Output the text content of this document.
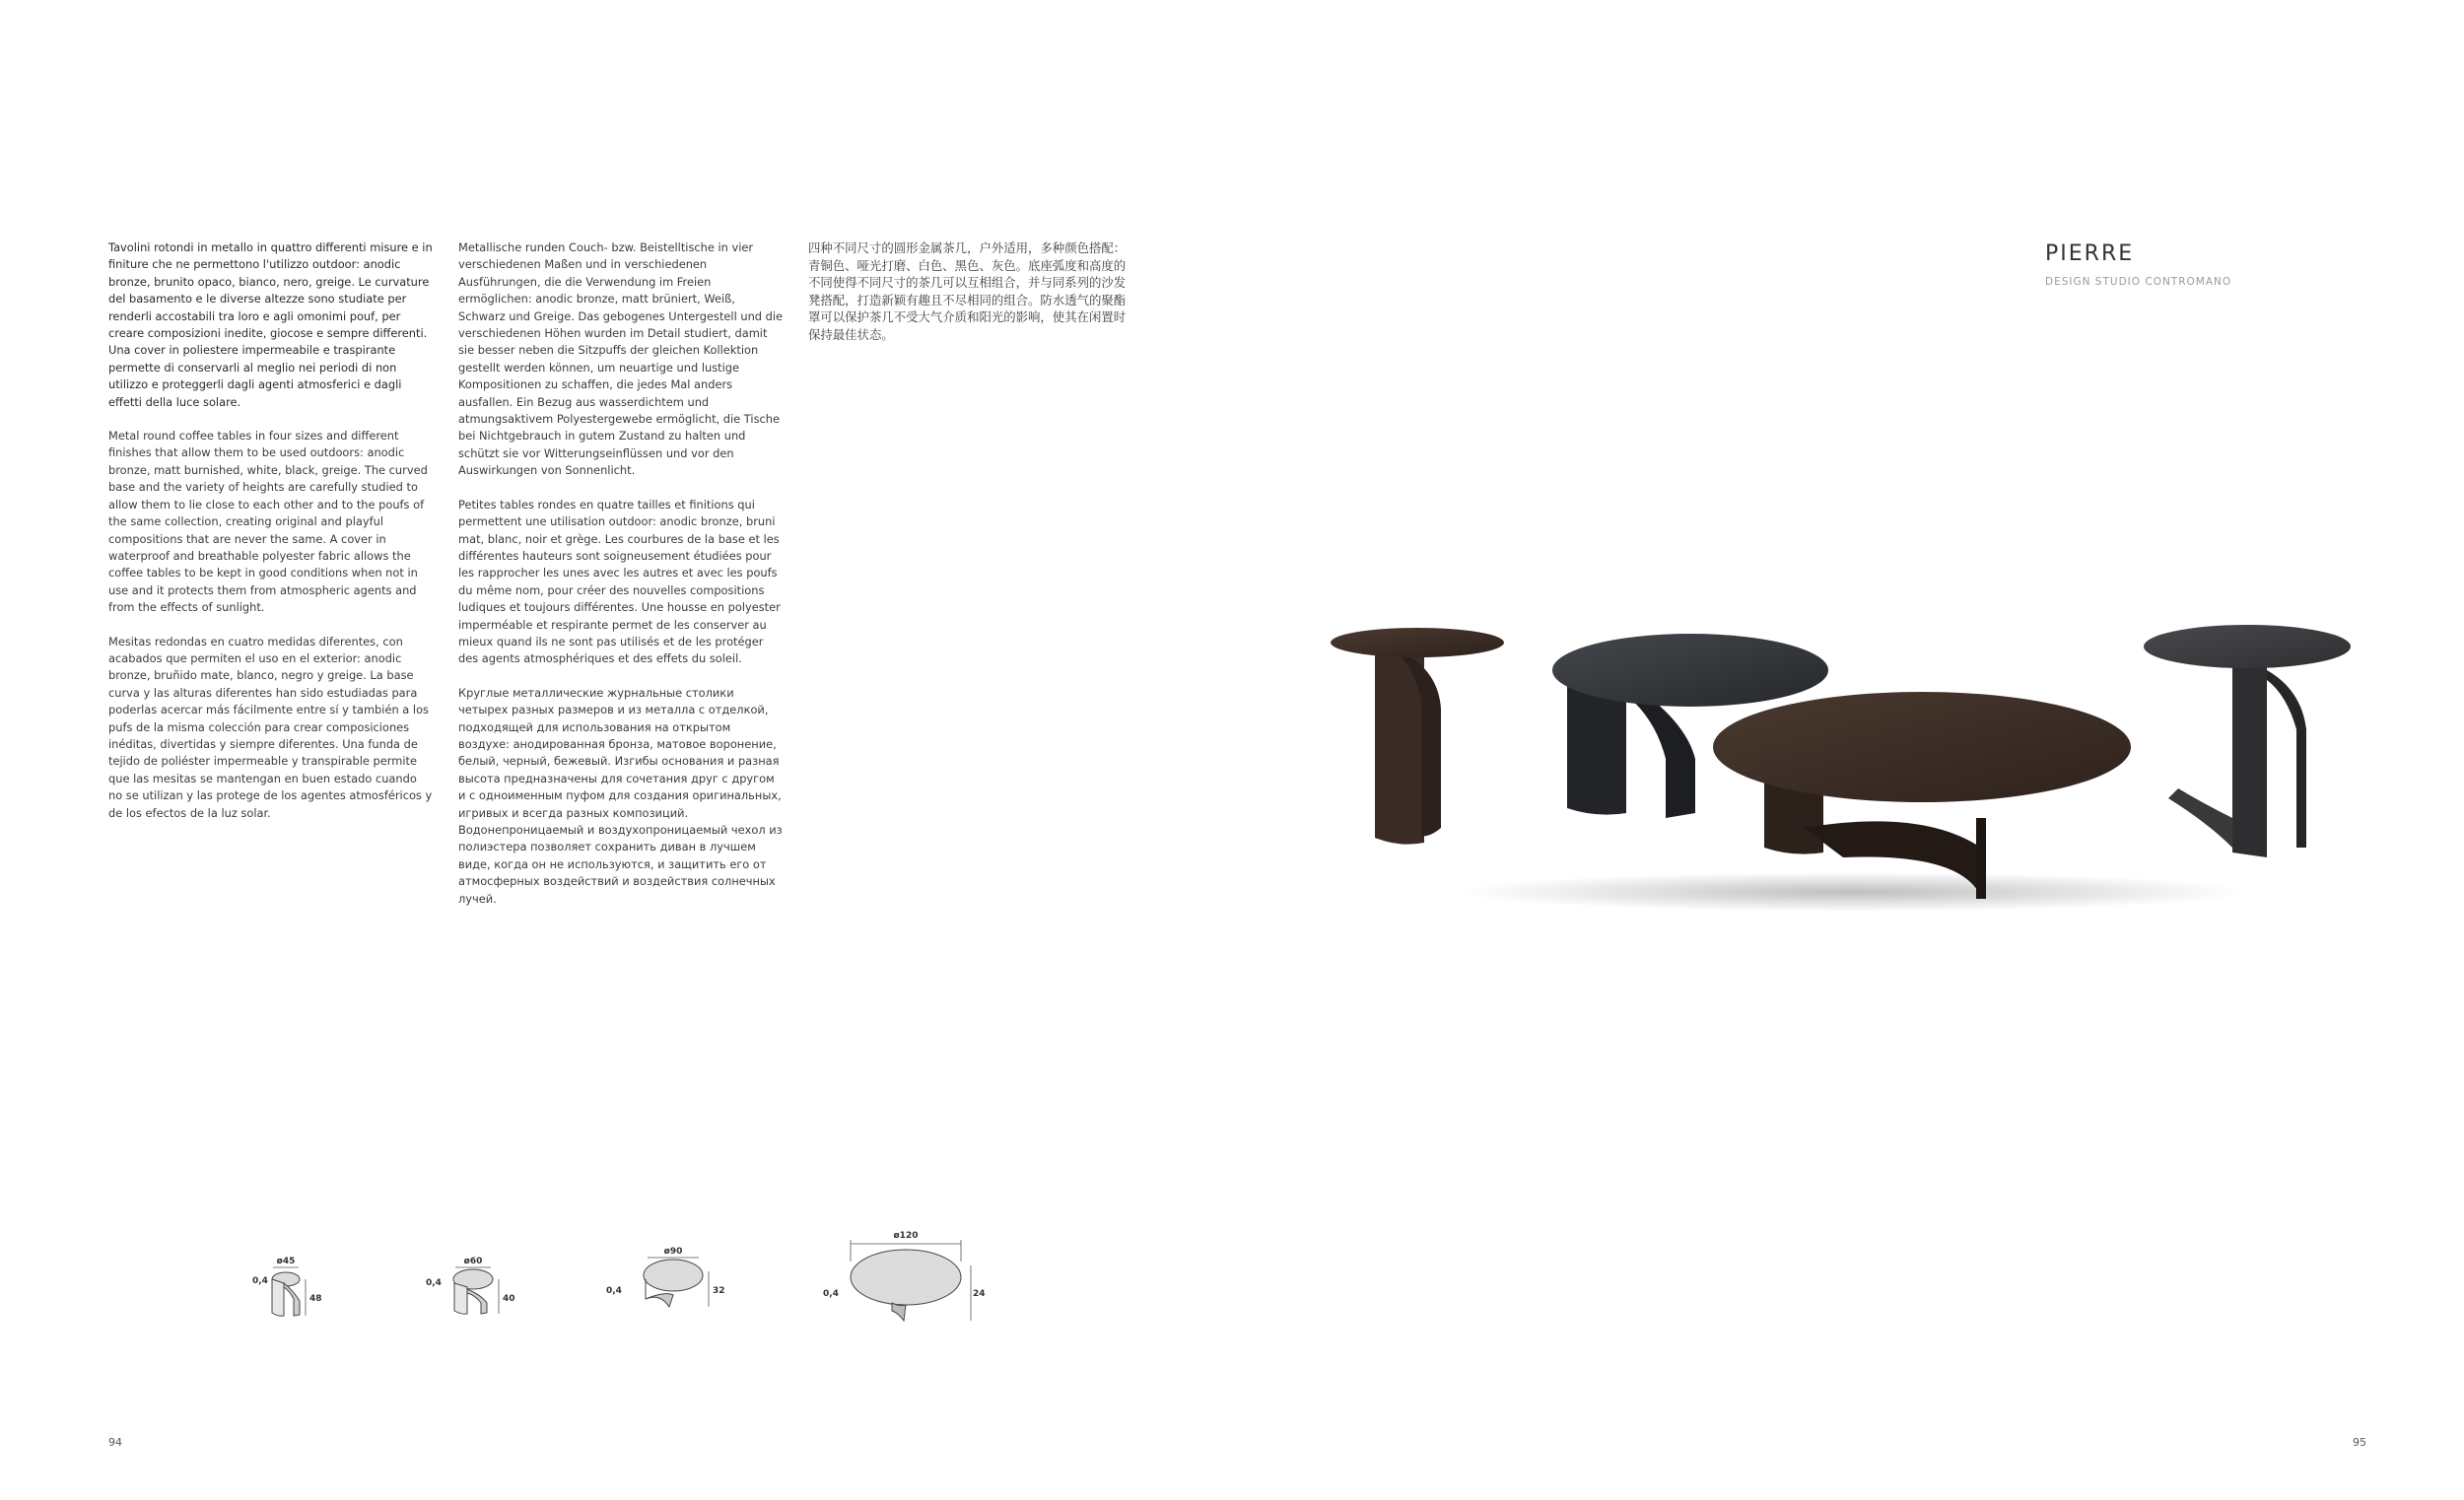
Tavolini rotondi in metallo in quattro differenti misure e in finiture che ne permettono l'utilizzo outdoor: anodic bronze, brunito opaco, bianco, nero, greige. Le curvature del basamento e le diverse altezze sono studiate per renderli accostabili tra loro e agli omonimi pouf, per creare composizioni inedite, giocose e sempre differenti. Una cover in poliestere impermeabile e traspirante permette di conservarli al meglio nei periodi di non utilizzo e proteggerli dagli agenti atmosferici e dagli effetti della luce solare.

Metal round coffee tables in four sizes and different finishes that allow them to be used outdoors: anodic bronze, matt burnished, white, black, greige. The curved base and the variety of heights are carefully studied to allow them to lie close to each other and to the poufs of the same collection, creating original and playful compositions that are never the same. A cover in waterproof and breathable polyester fabric allows the coffee tables to be kept in good conditions when not in use and it protects them from atmospheric agents and from the effects of sunlight.

Mesitas redondas en cuatro medidas diferentes, con acabados que permiten el uso en el exterior: anodic bronze, bruñido mate, blanco, negro y greige. La base curva y las alturas diferentes han sido estudiadas para poderlas acercar más fácilmente entre sí y también a los pufs de la misma colección para crear composiciones inéditas, divertidas y siempre diferentes. Una funda de tejido de poliéster impermeable y transpirable permite que las mesitas se mantengan en buen estado cuando no se utilizan y las protege de los agentes atmosféricos y de los efectos de la luz solar.

Metallische runden Couch- bzw. Beistelltische in vier verschiedenen Maßen und in verschiedenen Ausführungen, die die Verwendung im Freien ermöglichen: anodic bronze, matt brüniert, Weiß, Schwarz und Greige. Das gebogenes Untergestell und die verschiedenen Höhen wurden im Detail studiert, damit sie besser neben die Sitzpuffs der gleichen Kollektion gestellt werden können, um neuartige und lustige Kompositionen zu schaffen, die jedes Mal anders ausfallen. Ein Bezug aus wasserdichtem und atmungsaktivem Polyestergewebe ermöglicht, die Tische bei Nichtgebrauch in gutem Zustand zu halten und schützt sie vor Witterungseinflüssen und vor den Auswirkungen von Sonnenlicht.

Petites tables rondes en quatre tailles et finitions qui permettent une utilisation outdoor: anodic bronze, bruni mat, blanc, noir et grège. Les courbures de la base et les différentes hauteurs sont soigneusement étudiées pour les rapprocher les unes avec les autres et avec les poufs du même nom, pour créer des nouvelles compositions ludiques et toujours différentes. Une housse en polyester imperméable et respirante permet de les conserver au mieux quand ils ne sont pas utilisés et de les protéger des agents atmosphériques et des effets du soleil.

Круглые металлические журнальные столики четырех разных размеров и из металла с отделкой, подходящей для использования на открытом воздухе: анодированная бронза, матовое воронение, белый, черный, бежевый. Изгибы основания и разная высота предназначены для сочетания друг с другом и с одноименным пуфом для создания оригинальных, игривых и всегда разных композиций. Водонепроницаемый и воздухопроницаемый чехол из полиэстера позволяет сохранить диван в лучшем виде, когда он не используются, и защитить его от атмосферных воздействий и воздействия солнечных лучей.

四种不同尺寸的圆形金属茶几，户外适用，多种颜色搭配：青铜色、哑光打磨、白色、黑色、灰色。底座弧度和高度的不同使得不同尺寸的茶几可以互相组合，并与同系列的沙发凳搭配，打造新颖有趣且不尽相同的组合。防水透气的聚酯罩可以保护茶几不受大气介质和阳光的影响，使其在闲置时保持最佳状态。

PIERRE
DESIGN STUDIO CONTROMANO
ø45
48
0,4
ø60
40
0,4
ø90
32
0,4
ø120
24
0,4
94	95
